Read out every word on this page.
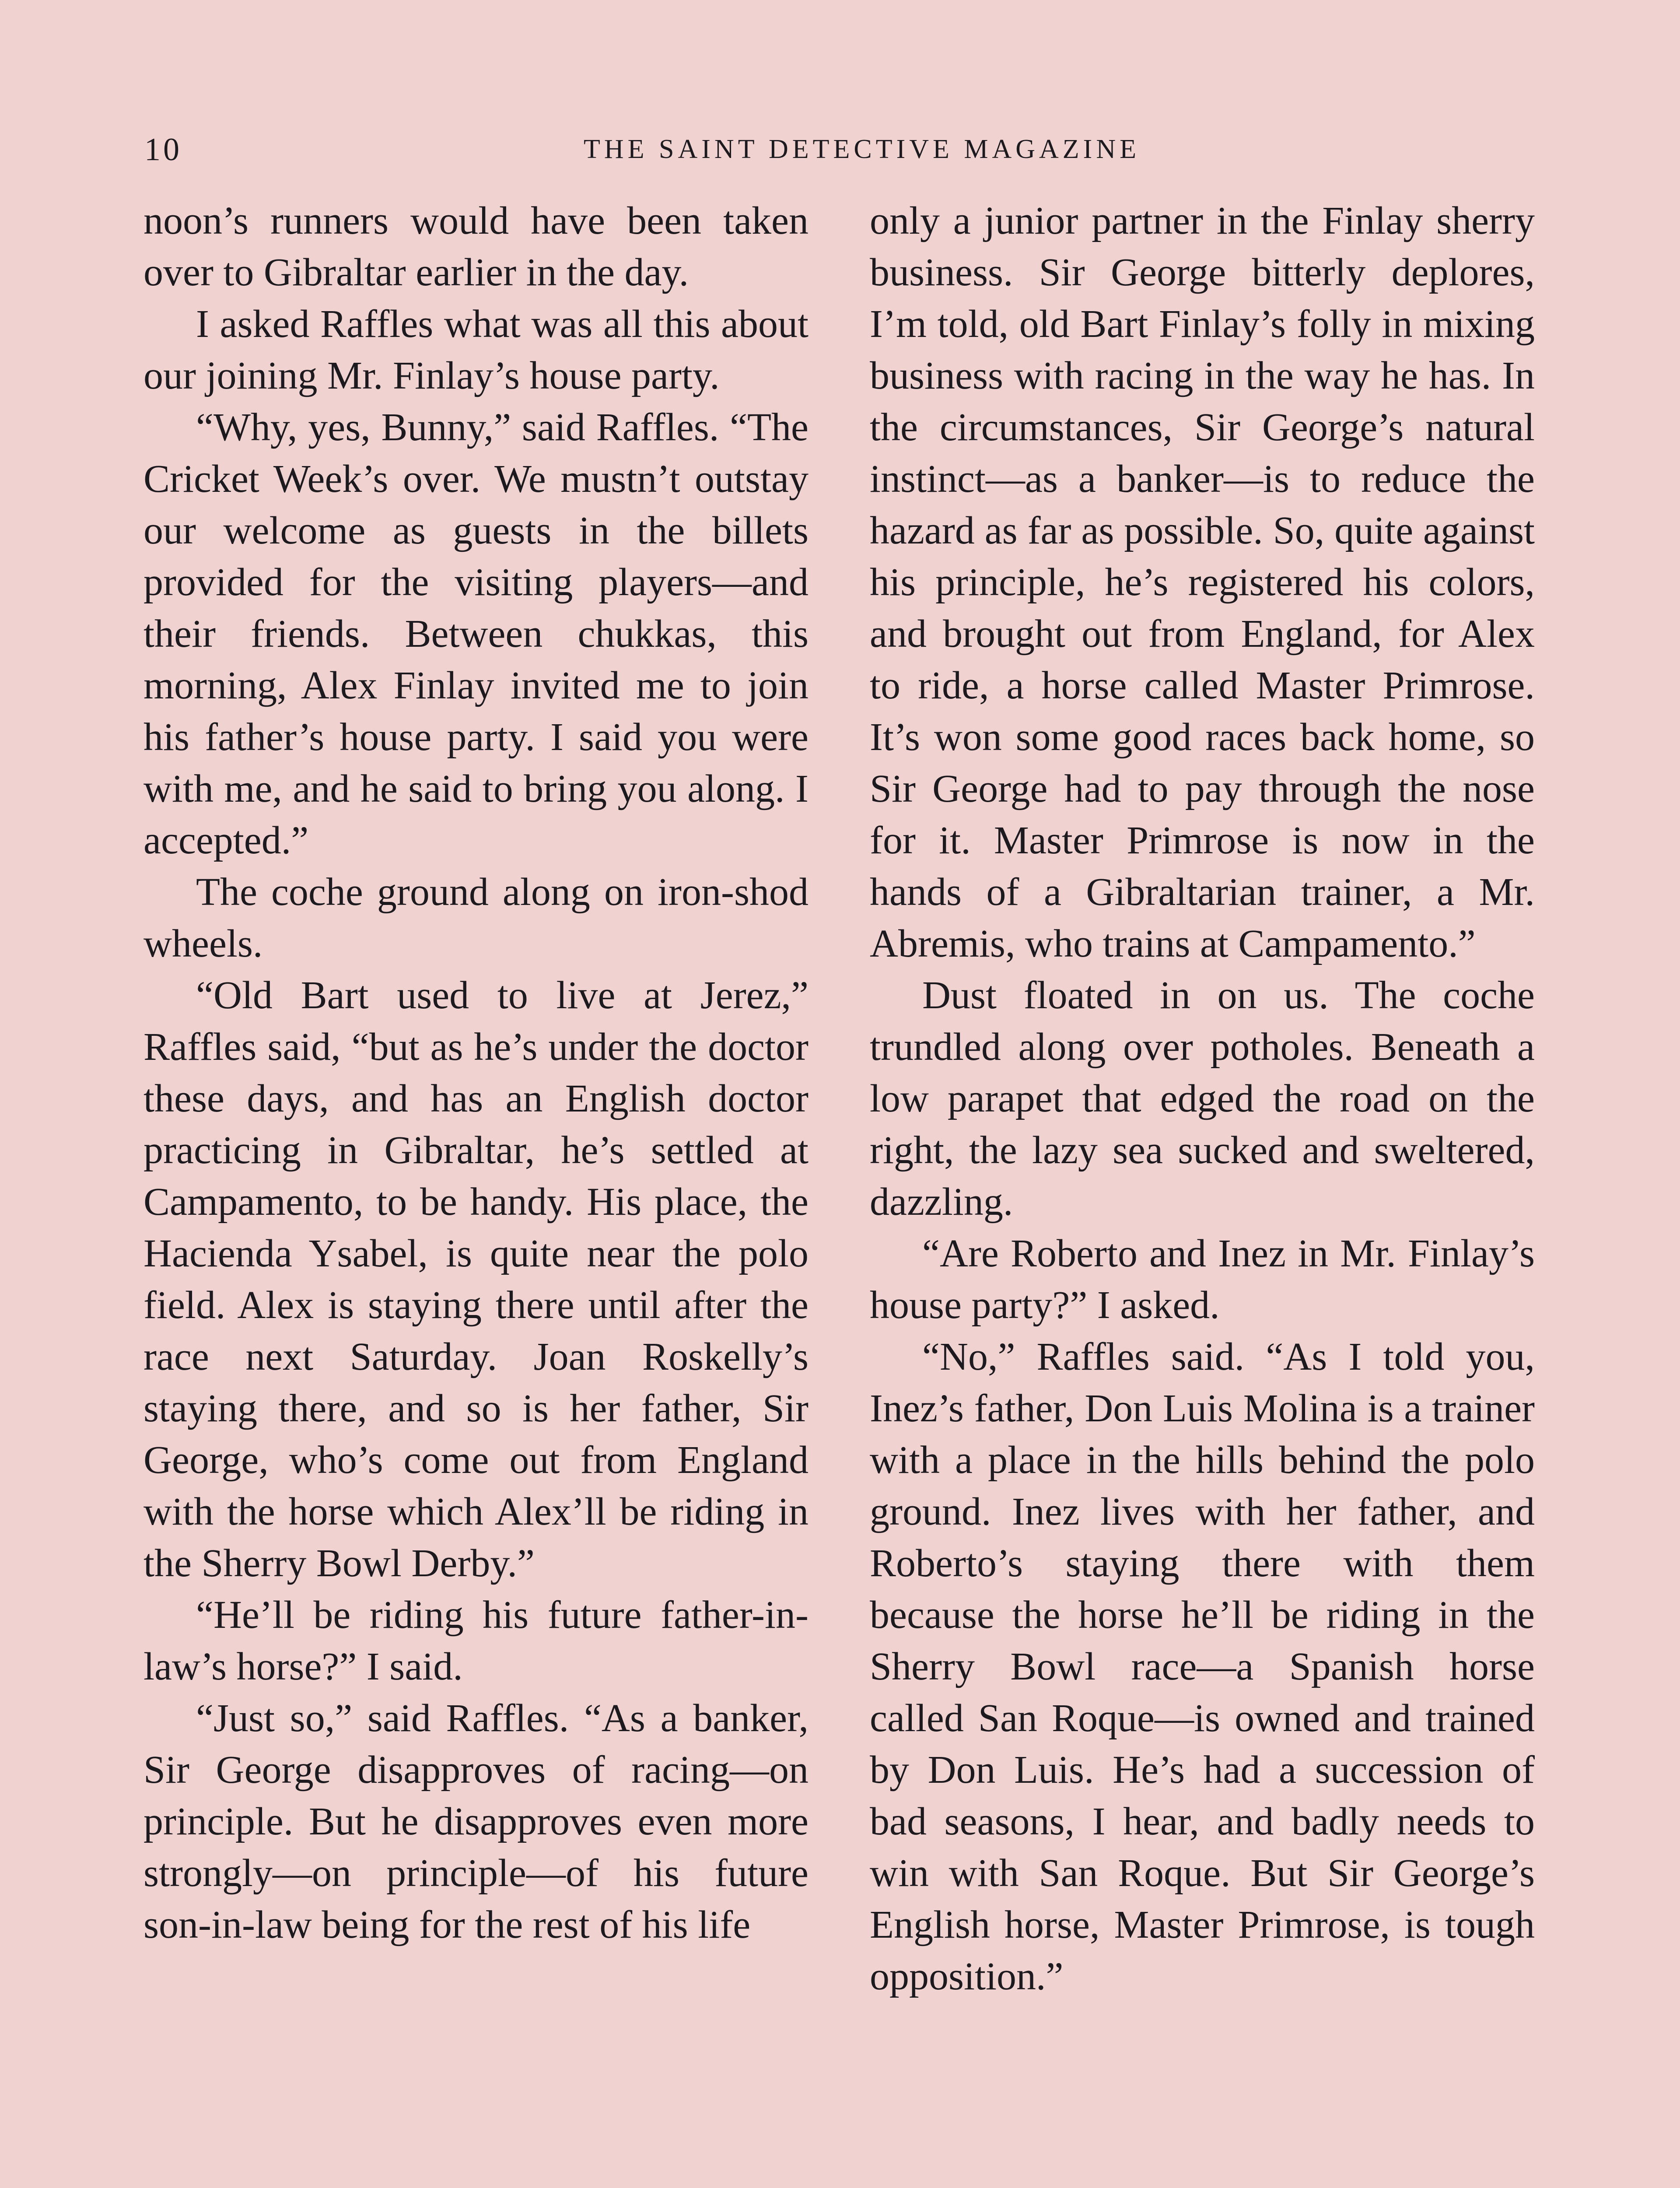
10	THE SAINT DETECTIVE MAGAZINE

noon’s runners would have been taken over to Gibraltar earlier in the day.

I asked Raffles what was all this about our joining Mr. Finlay’s house party.

“Why, yes, Bunny,” said Raffles. “The Cricket Week’s over. We mustn’t outstay our welcome as guests in the billets provided for the visiting players—and their friends. Between chukkas, this morning, Alex Finlay invited me to join his father’s house party. I said you were with me, and he said to bring you along. I accepted.”

The coche ground along on iron-shod wheels.

“Old Bart used to live at Jerez,” Raffles said, “but as he’s under the doctor these days, and has an English doctor practicing in Gibraltar, he’s settled at Campamento, to be handy. His place, the Hacienda Ysabel, is quite near the polo field. Alex is staying there until after the race next Saturday. Joan Roskelly’s staying there, and so is her father, Sir George, who’s come out from England with the horse which Alex’ll be riding in the Sherry Bowl Derby.”

“He’ll be riding his future father-in-law’s horse?” I said.

“Just so,” said Raffles. “As a banker, Sir George disapproves of racing—on principle. But he disapproves even more strongly—on principle—of his future son-in-law being for the rest of his life

only a junior partner in the Finlay sherry business. Sir George bitterly deplores, I’m told, old Bart Finlay’s folly in mixing business with racing in the way he has. In the circumstances, Sir George’s natural instinct—as a banker—is to reduce the hazard as far as possible. So, quite against his principle, he’s registered his colors, and brought out from England, for Alex to ride, a horse called Master Primrose. It’s won some good races back home, so Sir George had to pay through the nose for it. Master Primrose is now in the hands of a Gibraltarian trainer, a Mr. Abremis, who trains at Campamento.”

Dust floated in on us. The coche trundled along over potholes. Beneath a low parapet that edged the road on the right, the lazy sea sucked and sweltered, dazzling.

“Are Roberto and Inez in Mr. Finlay’s house party?” I asked.

“No,” Raffles said. “As I told you, Inez’s father, Don Luis Molina is a trainer with a place in the hills behind the polo ground. Inez lives with her father, and Roberto’s staying there with them because the horse he’ll be riding in the Sherry Bowl race—a Spanish horse called San Roque—is owned and trained by Don Luis. He’s had a succession of bad seasons, I hear, and badly needs to win with San Roque. But Sir George’s English horse, Master Primrose, is tough opposition.”
